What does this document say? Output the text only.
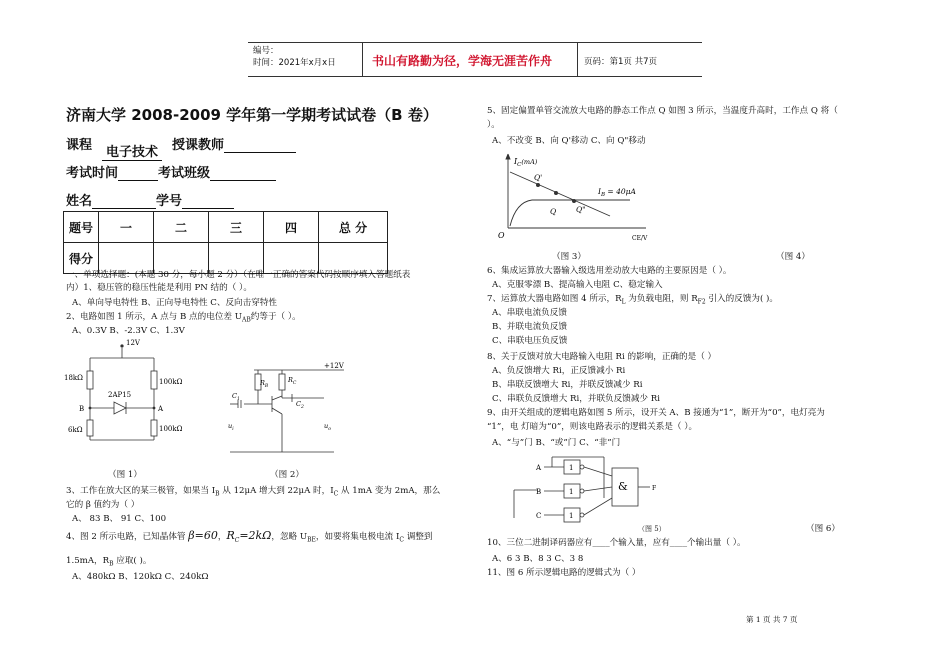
编号：
时间：2021年x月x日	书山有路勤为径，学海无涯苦作舟	页码：第1页 共7页
济南大学 2008-2009 学年第一学期考试试卷（B 卷）
课程 电子技术 授课教师
考试时间	考试班级
姓名	学号
题号	一	二	三	四	总 分
得分					
一、单项选择题：(本题 30 分，每小题 2 分）（在唯一正确的答案代码按顺序填入答题纸表
内）1、稳压管的稳压性能是利用 PN 结的（ ）。
A、单向导电特性 B、正向导电特性 C、反向击穿特性
2、电路如图 1 所示，A 点与 B 点的电位差 $U_{AB}$约等于（ ）。
A、0.3V B、-2.3V C、1.3V
12V
18kΩ	100kΩ
6kΩ	100kΩ
2AP15
B	A
（图 1）
+12V
$R_B$
$R_C$
$C_1$
$C_2$
$u_i$	$u_o$
（图 2）
3、工作在放大区的某三极管，如果当 $I_B$ 从 12μA 增大到 22μA 时，$I_C$ 从 1mA 变为 2mA，那么
它的 β 值约为（ ）
A、 83 B、 91 C、100
4、图 2 所示电路，已知晶体管 β=60，$R_C=2k\Omega$，忽略 $U_{BE}$，如要将集电极电流 $I_C$ 调整到
1.5mA，$R_B$ 应取( )。
A、480kΩ B、120kΩ C、240kΩ
5、固定偏置单管交流放大电路的静态工作点 Q 如图 3 所示，当温度升高时，工作点 Q 将（
）。
A、不改变 B、向 Q'移动 C、向 Q"移动
$I_C^{(mA)}$
Q'
Q	Q"
$I_B = 40\mu A$
O	CE/V
（图 3）	（图 4）
6、集成运算放大器输入级选用差动放大电路的主要原因是（ ）。
A、克服零漂 B、提高输入电阻 C、稳定输入
7、运算放大器电路如图 4 所示，$R_L$ 为负载电阻，则 $R_{F2}$ 引入的反馈为( )。
A、串联电流负反馈
B、并联电流负反馈
C、串联电压负反馈
8、关于反馈对放大电路输入电阻 Ri 的影响，正确的是（ ）
A、负反馈增大 Ri，正反馈减小 Ri
B、串联反馈增大 Ri，并联反馈减少 Ri
C、串联负反馈增大 Ri，并联负反馈减少 Ri
9、由开关组成的逻辑电路如图 5 所示，设开关 A、B 接通为“1”，断开为“0”，电灯亮为
“1”，电 灯暗为“0”，则该电路表示的逻辑关系是（ ）。
A、“与”门 B、“或”门 C、“非”门
A
B
C
1
1
1
&	F
（图 5）	（图 6）
10、三位二进制译码器应有____个输入量，应有____个输出量（ ）。
A、6 3 B、8 3 C、3 8
11、图 6 所示逻辑电路的逻辑式为（ ）
第 1 页 共 7 页
